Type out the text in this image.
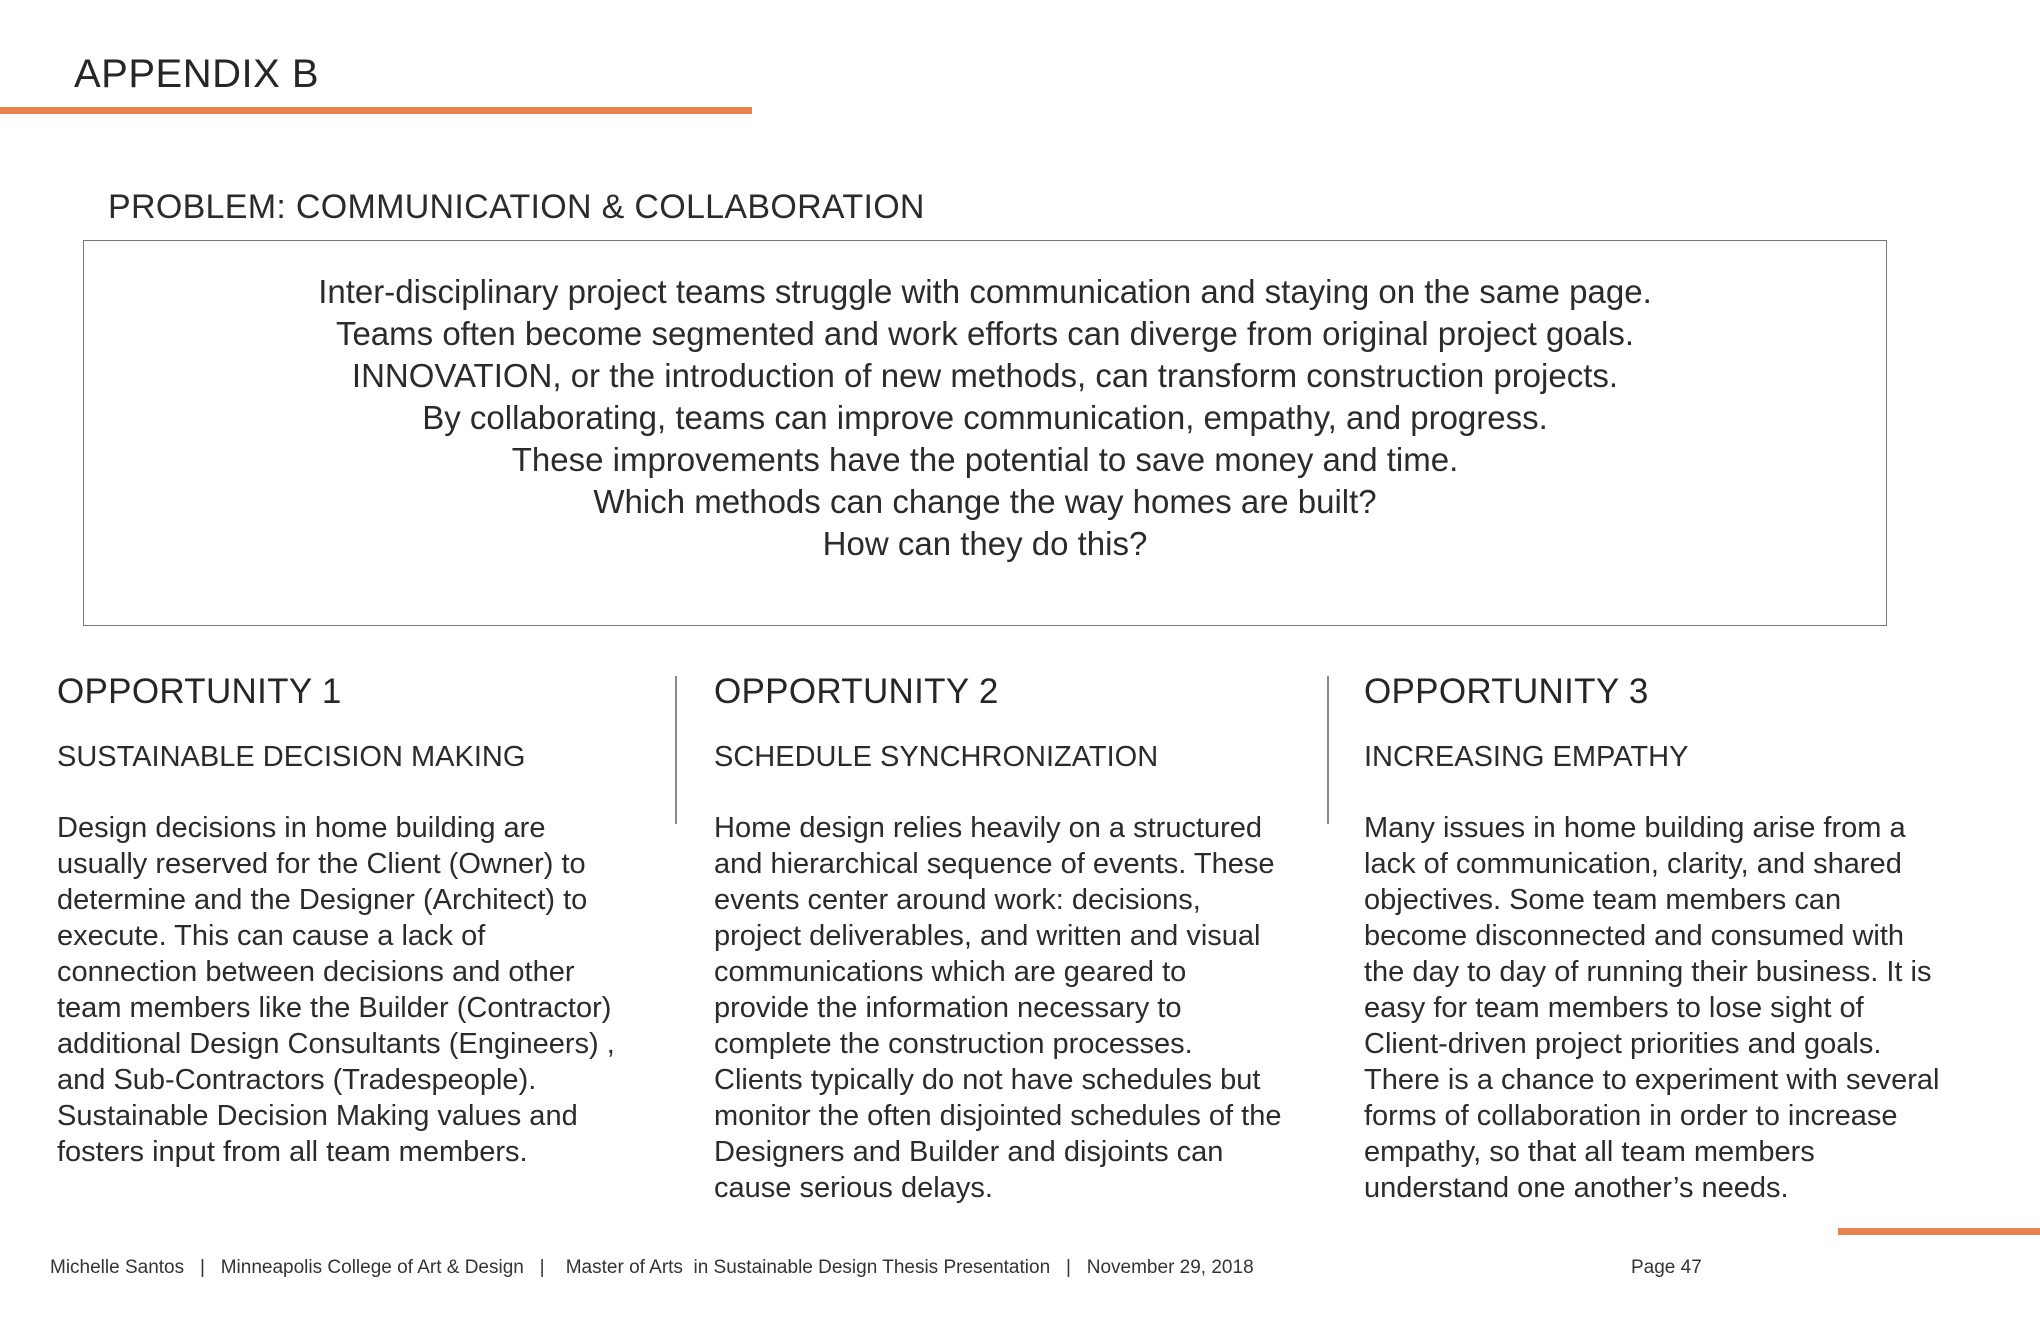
APPENDIX B
PROBLEM: COMMUNICATION & COLLABORATION
Inter-disciplinary project teams struggle with communication and staying on the same page.
Teams often become segmented and work efforts can diverge from original project goals.
INNOVATION, or the introduction of new methods, can transform construction projects.
By collaborating, teams can improve communication, empathy, and progress.
These improvements have the potential to save money and time.
Which methods can change the way homes are built?
How can they do this?
OPPORTUNITY 1
SUSTAINABLE DECISION MAKING
Design decisions in home building are
usually reserved for the Client (Owner) to
determine and the Designer (Architect) to
execute. This can cause a lack of
connection between decisions and other
team members like the Builder (Contractor)
additional Design Consultants (Engineers) ,
and Sub-Contractors (Tradespeople).
Sustainable Decision Making values and
fosters input from all team members.
OPPORTUNITY 2
SCHEDULE SYNCHRONIZATION
Home design relies heavily on a structured
and hierarchical sequence of events. These
events center around work: decisions,
project deliverables, and written and visual
communications which are geared to
provide the information necessary to
complete the construction processes.
Clients typically do not have schedules but
monitor the often disjointed schedules of the
Designers and Builder and disjoints can
cause serious delays.
OPPORTUNITY 3
INCREASING EMPATHY
Many issues in home building arise from a
lack of communication, clarity, and shared
objectives. Some team members can
become disconnected and consumed with
the day to day of running their business. It is
easy for team members to lose sight of
Client-driven project priorities and goals.
There is a chance to experiment with several
forms of collaboration in order to increase
empathy, so that all team members
understand one another’s needs.
Michelle Santos   |   Minneapolis College of Art & Design   |    Master of Arts  in Sustainable Design Thesis Presentation   |   November 29, 2018	Page 47
